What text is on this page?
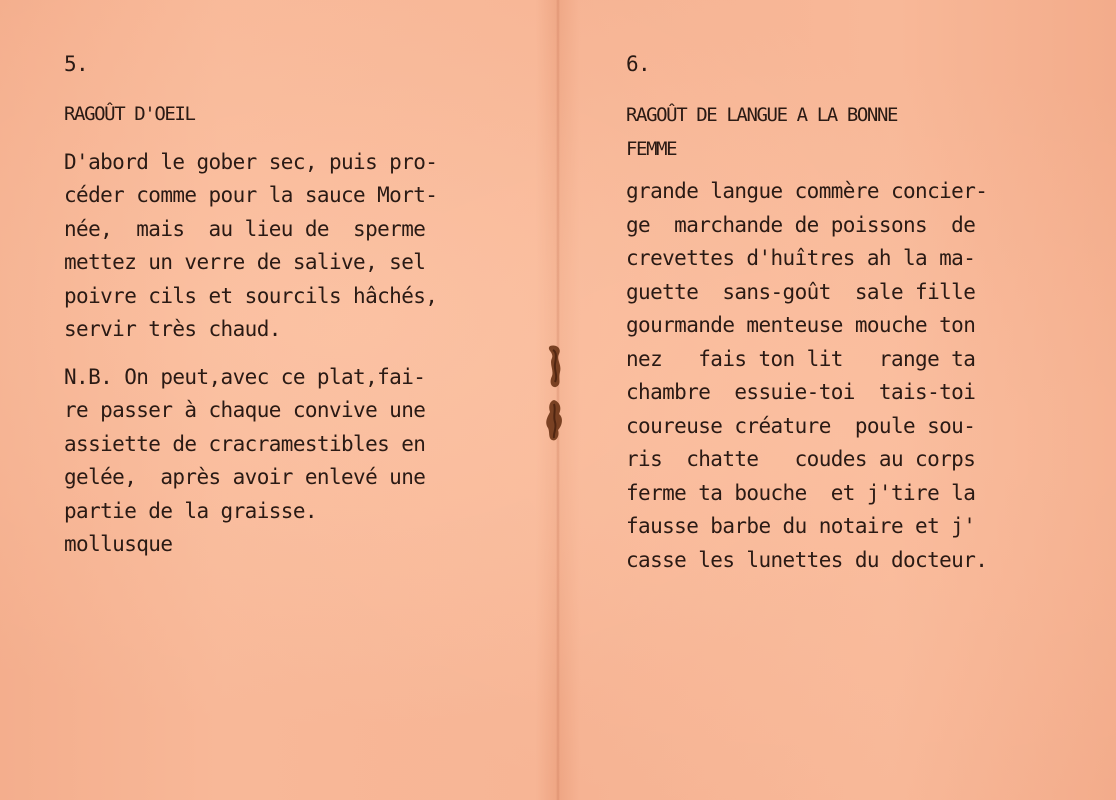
5.
RAGOÛT D'OEIL
D'abord le gober sec, puis pro-
céder comme pour la sauce Mort-
née,  mais  au lieu de  sperme
mettez un verre de salive, sel
poivre cils et sourcils hâchés,
servir très chaud.
N.B. On peut,avec ce plat,fai-
re passer à chaque convive une
assiette de cracramestibles en
gelée,  après avoir enlevé une
partie de la graisse.
mollusque
6.
RAGOÛT DE LANGUE A LA BONNE
FEMME
grande langue commère concier-
ge  marchande de poissons  de
crevettes d'huîtres ah la ma-
guette  sans-goût  sale fille
gourmande menteuse mouche ton
nez   fais ton lit   range ta
chambre  essuie-toi  tais-toi
coureuse créature  poule sou-
ris  chatte   coudes au corps
ferme ta bouche  et j'tire la
fausse barbe du notaire et j'
casse les lunettes du docteur.
